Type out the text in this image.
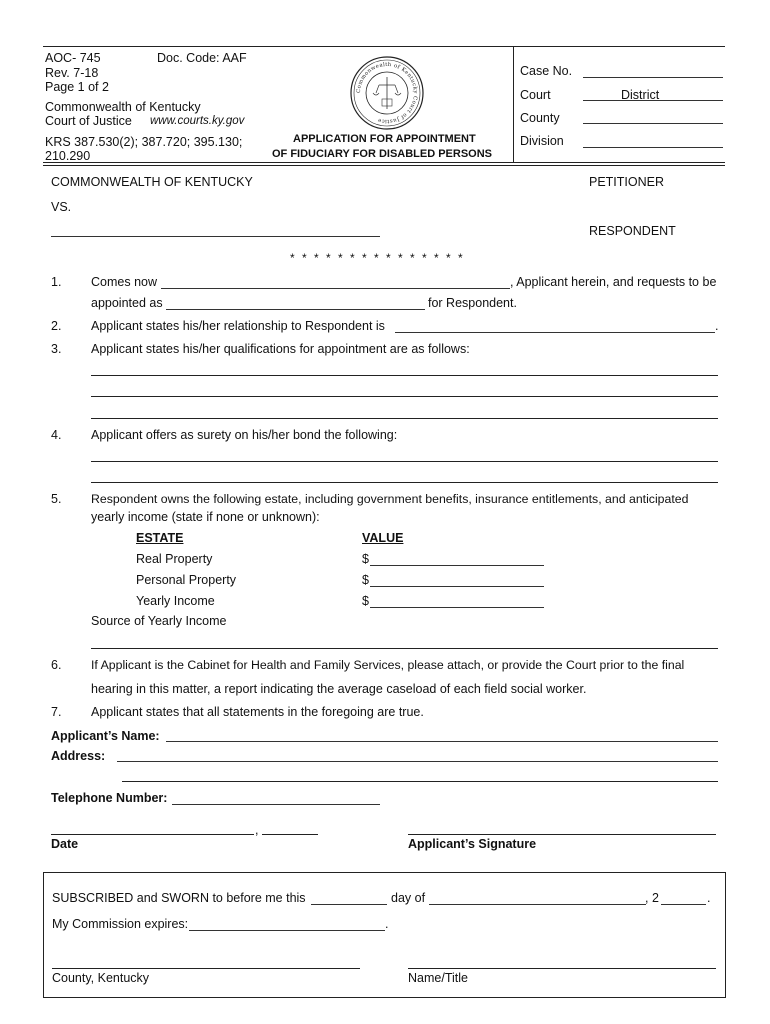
AOC- 745	Doc. Code: AAF
Rev. 7-18
Page 1 of 2
Commonwealth of Kentucky
Court of Justice www.courts.ky.gov
KRS 387.530(2); 387.720; 395.130;
210.290
Commonwealth of Kentucky Court of Justice
APPLICATION FOR APPOINTMENT
OF FIDUCIARY FOR DISABLED PERSONS
Case No.
Court	District
County
Division
COMMONWEALTH OF KENTUCKY	PETITIONER
VS.
RESPONDENT
* * * * * * * * * * * * * * *
1. Comes now	, Applicant herein, and requests to be
appointed as	for Respondent.
2. Applicant states his/her relationship to Respondent is	.
3. Applicant states his/her qualifications for appointment are as follows:
4. Applicant offers as surety on his/her bond the following:
5. Respondent owns the following estate, including government benefits, insurance entitlements, and anticipated
yearly income (state if none or unknown):
ESTATE	VALUE
Real Property	$
Personal Property	$
Yearly Income	$
Source of Yearly Income
6. If Applicant is the Cabinet for Health and Family Services, please attach, or provide the Court prior to the final
hearing in this matter, a report indicating the average caseload of each field social worker.
7. Applicant states that all statements in the foregoing are true.
Applicant’s Name:
Address:
Telephone Number:
,
Date	Applicant’s Signature
SUBSCRIBED and SWORN to before me this	day of	, 2	.
My Commission expires:	.
County, Kentucky	Name/Title
